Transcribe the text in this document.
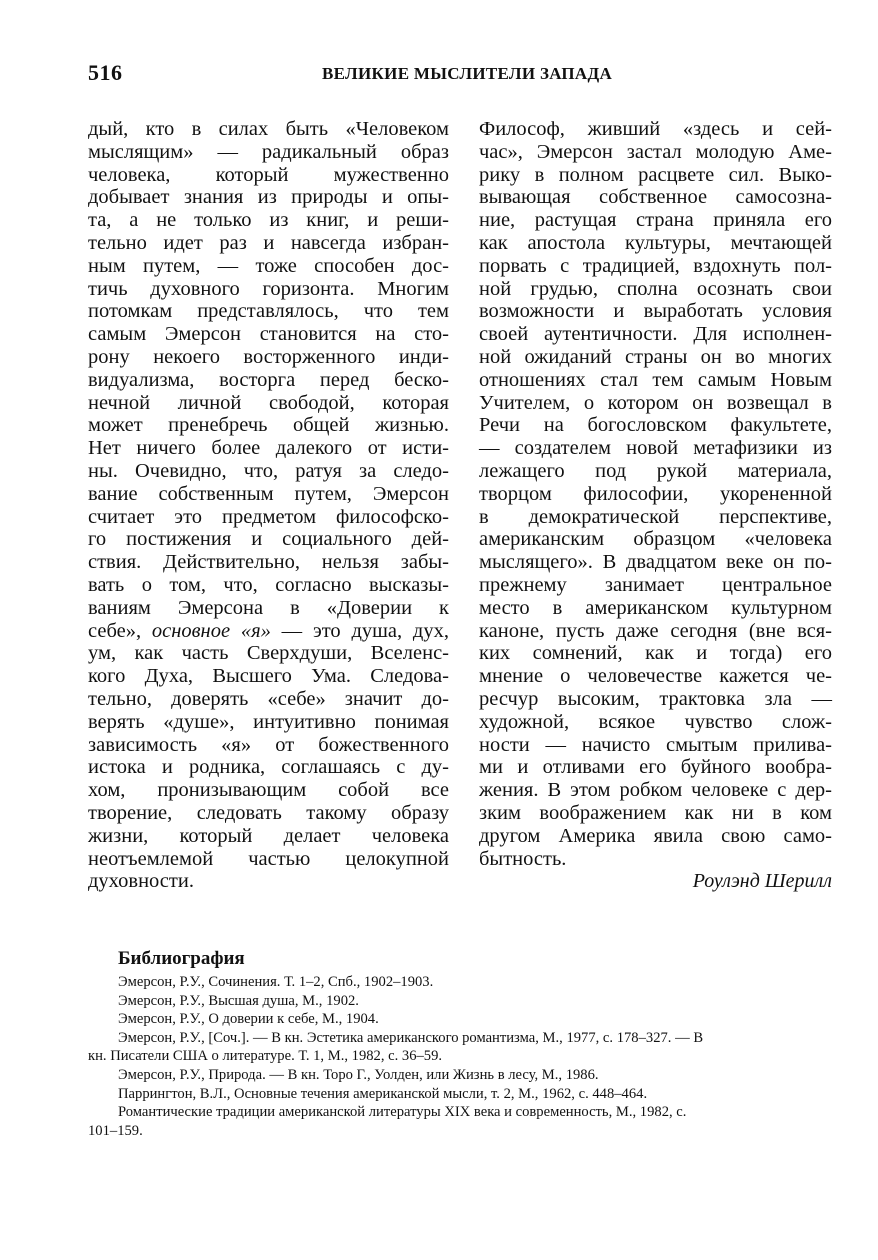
516	ВЕЛИКИЕ МЫСЛИТЕЛИ ЗАПАДА
дый, кто в силах быть «Человеком
мыслящим» — радикальный образ
человека, который мужественно
добывает знания из природы и опы-
та, а не только из книг, и реши-
тельно идет раз и навсегда избран-
ным путем, — тоже способен дос-
тичь духовного горизонта. Многим
потомкам представлялось, что тем
самым Эмерсон становится на сто-
рону некоего восторженного инди-
видуализма, восторга перед беско-
нечной личной свободой, которая
может пренебречь общей жизнью.
Нет ничего более далекого от исти-
ны. Очевидно, что, ратуя за следо-
вание собственным путем, Эмерсон
считает это предметом философско-
го постижения и социального дей-
ствия. Действительно, нельзя забы-
вать о том, что, согласно высказы-
ваниям Эмерсона в «Доверии к
себе», основное «я» — это душа, дух,
ум, как часть Сверхдуши, Вселенс-
кого Духа, Высшего Ума. Следова-
тельно, доверять «себе» значит до-
верять «душе», интуитивно понимая
зависимость «я» от божественного
истока и родника, соглашаясь с ду-
хом, пронизывающим собой все
творение, следовать такому образу
жизни, который делает человека
неотъемлемой частью целокупной
духовности.
Философ, живший «здесь и сей-
час», Эмерсон застал молодую Аме-
рику в полном расцвете сил. Выко-
вывающая собственное самосозна-
ние, растущая страна приняла его
как апостола культуры, мечтающей
порвать с традицией, вздохнуть пол-
ной грудью, сполна осознать свои
возможности и выработать условия
своей аутентичности. Для исполнен-
ной ожиданий страны он во многих
отношениях стал тем самым Новым
Учителем, о котором он возвещал в
Речи на богословском факультете,
— создателем новой метафизики из
лежащего под рукой материала,
творцом философии, укорененной
в демократической перспективе,
американским образцом «человека
мыслящего». В двадцатом веке он по-
прежнему занимает центральное
место в американском культурном
каноне, пусть даже сегодня (вне вся-
ких сомнений, как и тогда) его
мнение о человечестве кажется че-
ресчур высоким, трактовка зла —
художной, всякое чувство слож-
ности — начисто смытым прилива-
ми и отливами его буйного вообра-
жения. В этом робком человеке с дер-
зким воображением как ни в ком
другом Америка явила свою само-
бытность.
Роулэнд Шерилл
Библиография
Эмерсон, Р.У., Сочинения. Т. 1–2, Спб., 1902–1903.
Эмерсон, Р.У., Высшая душа, М., 1902.
Эмерсон, Р.У., О доверии к себе, М., 1904.
Эмерсон, Р.У., [Соч.]. — В кн. Эстетика американского романтизма, М., 1977, с. 178–327. — В
кн. Писатели США о литературе. Т. 1, М., 1982, с. 36–59.
Эмерсон, Р.У., Природа. — В кн. Торо Г., Уолден, или Жизнь в лесу, М., 1986.
Паррингтон, В.Л., Основные течения американской мысли, т. 2, М., 1962, с. 448–464.
Романтические традиции американской литературы XIX века и современность, М., 1982, с.
101–159.
